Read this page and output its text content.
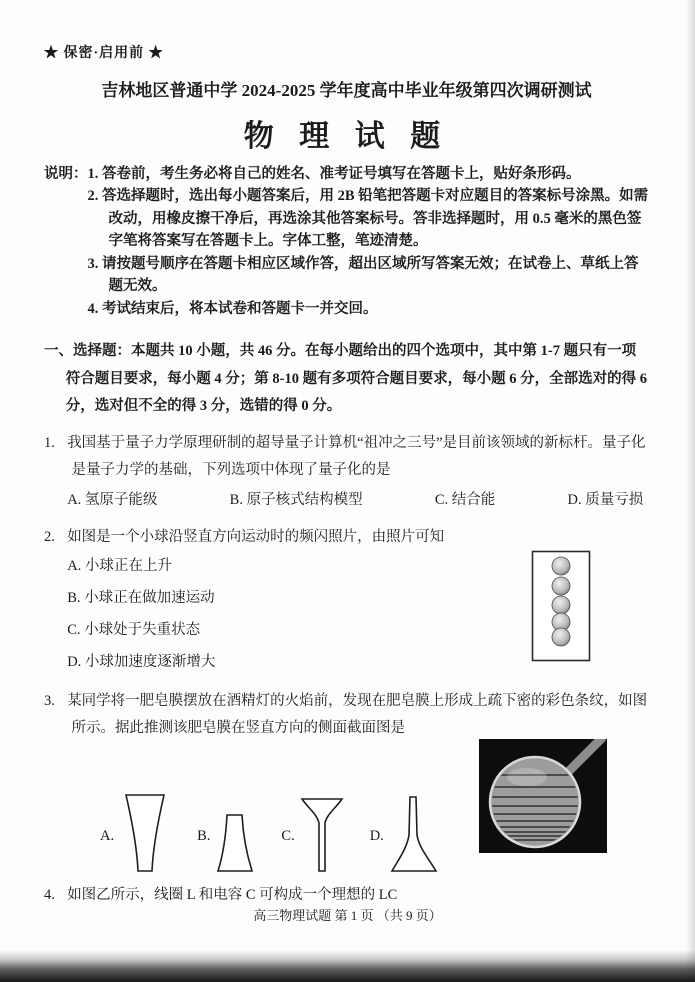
★ 保密·启用前 ★
吉林地区普通中学 2024-2025 学年度高中毕业年级第四次调研测试
物 理 试 题
说明： 1. 答卷前，考生务必将自己的姓名、准考证号填写在答题卡上，贴好条形码。
2. 答选择题时，选出每小题答案后，用 2B 铅笔把答题卡对应题目的答案标号涂黑。如需改动，用橡皮擦干净后，再选涂其他答案标号。答非选择题时，用 0.5 毫米的黑色签字笔将答案写在答题卡上。字体工整，笔迹清楚。
3. 请按题号顺序在答题卡相应区域作答，超出区域所写答案无效；在试卷上、草纸上答题无效。
4. 考试结束后，将本试卷和答题卡一并交回。
一、选择题：本题共 10 小题，共 46 分。在每小题给出的四个选项中，其中第 1-7 题只有一项符合题目要求，每小题 4 分；第 8-10 题有多项符合题目要求，每小题 6 分，全部选对的得 6 分，选对但不全的得 3 分，选错的得 0 分。
1. 我国基于量子力学原理研制的超导量子计算机“祖冲之三号”是目前该领域的新标杆。量子化是量子力学的基础，下列选项中体现了量子化的是
A. 氢原子能级	B. 原子核式结构模型	C. 结合能	D. 质量亏损
2. 如图是一个小球沿竖直方向运动时的频闪照片，由照片可知
A. 小球正在上升
B. 小球正在做加速运动
C. 小球处于失重状态
D. 小球加速度逐渐增大
3. 某同学将一肥皂膜摆放在酒精灯的火焰前，发现在肥皂膜上形成上疏下密的彩色条纹，如图所示。据此推测该肥皂膜在竖直方向的侧面截面图是
A.	B.	C.	D.
4. 如图乙所示，线圈 L 和电容 C 可构成一个理想的 LC
高三物理试题 第 1 页 （共 9 页）
